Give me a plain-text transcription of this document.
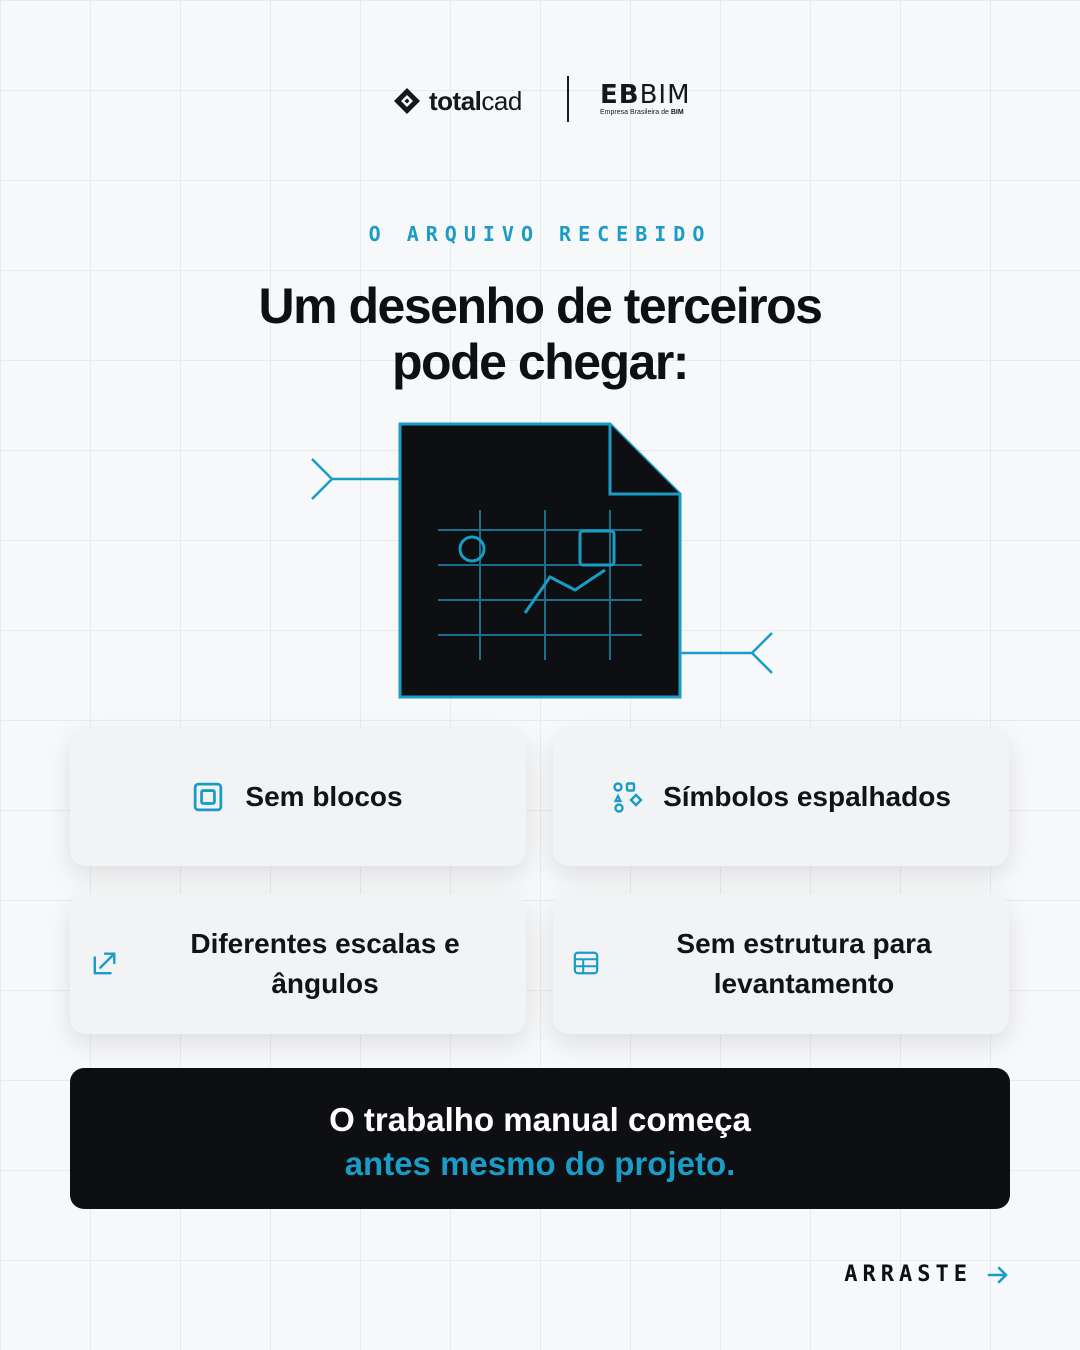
totalcad	EBBIM
Empresa Brasileira de BIM
O ARQUIVO RECEBIDO
Um desenho de terceiros
pode chegar:
Sem blocos	Símbolos espalhados
Diferentes escalas e ângulos
Sem estrutura para levantamento
O trabalho manual começa
antes mesmo do projeto.
ARRASTE
